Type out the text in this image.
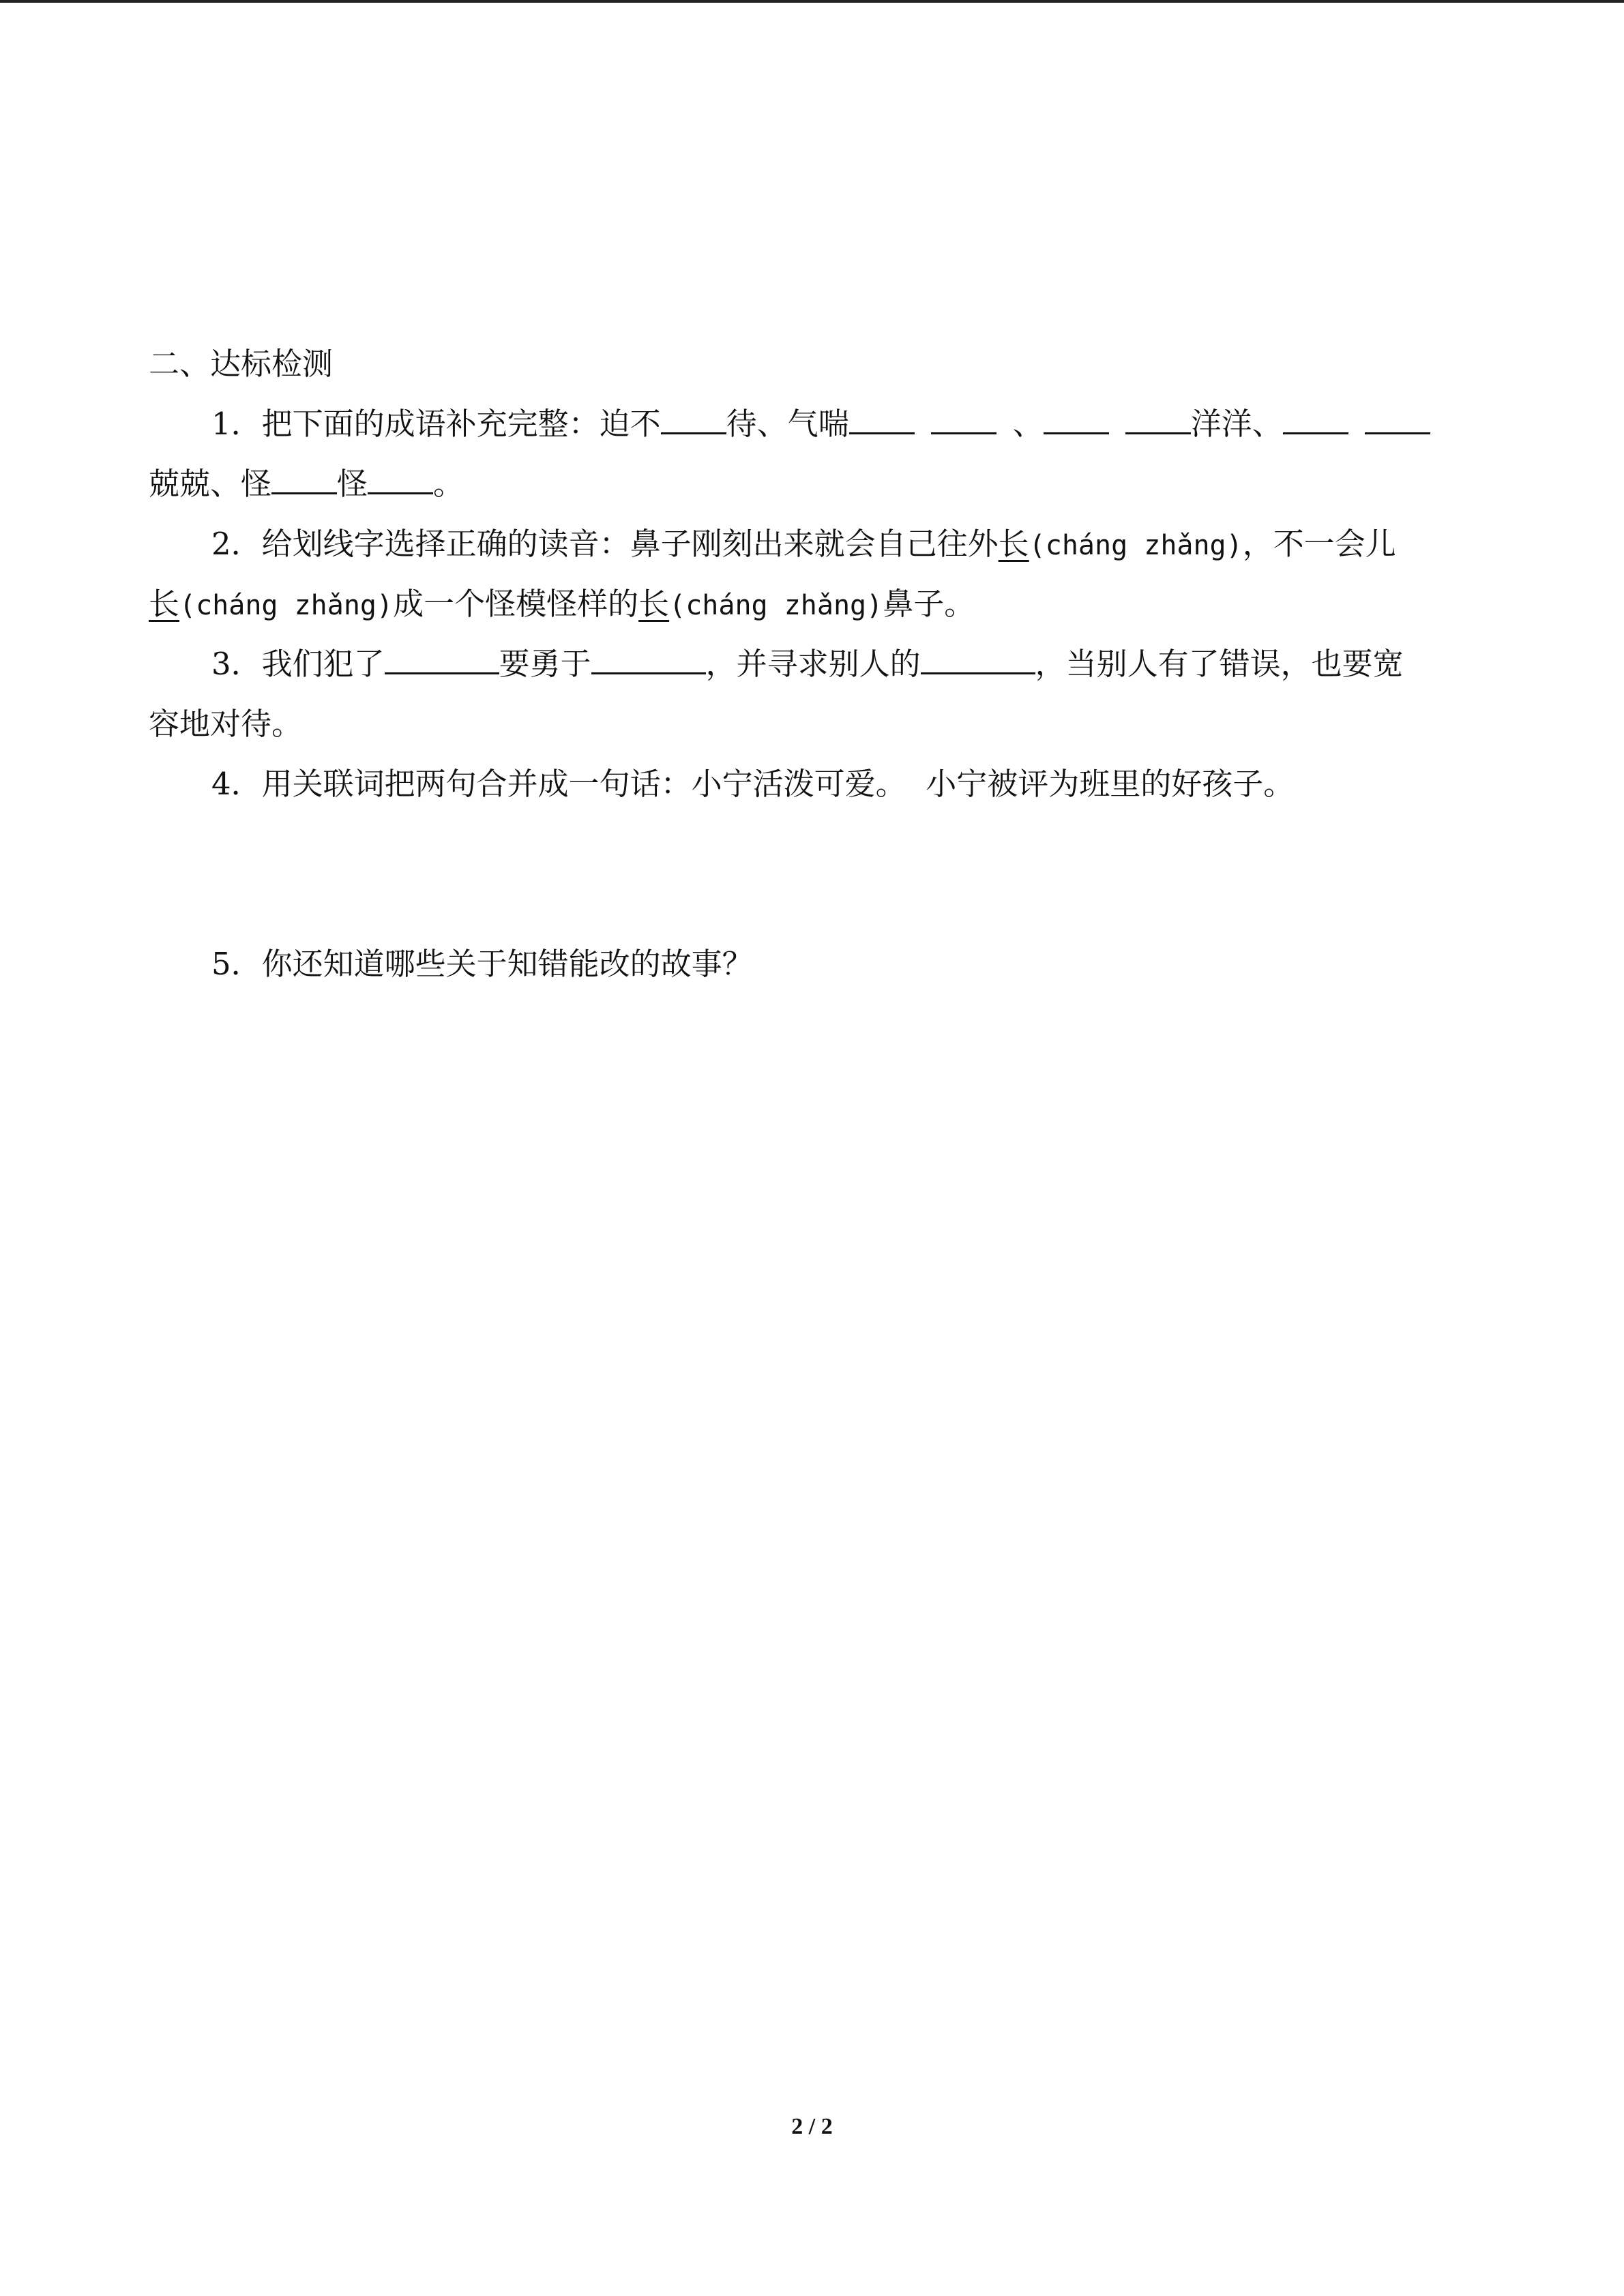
二、达标检测
1．把下面的成语补充完整：迫不 待、气喘	、	洋洋、
兢兢、怪 怪 。
2．给划线字选择正确的读音：鼻子刚刻出来就会自己往外长(cháng zhǎng)，不一会儿
长(cháng zhǎng)成一个怪模怪样的长(cháng zhǎng)鼻子。
3．我们犯了	要勇于	，并寻求别人的	，当别人有了错误，也要宽
容地对待。
4．用关联词把两句合并成一句话：小宁活泼可爱。  小宁被评为班里的好孩子。
5．你还知道哪些关于知错能改的故事？
2 / 2
